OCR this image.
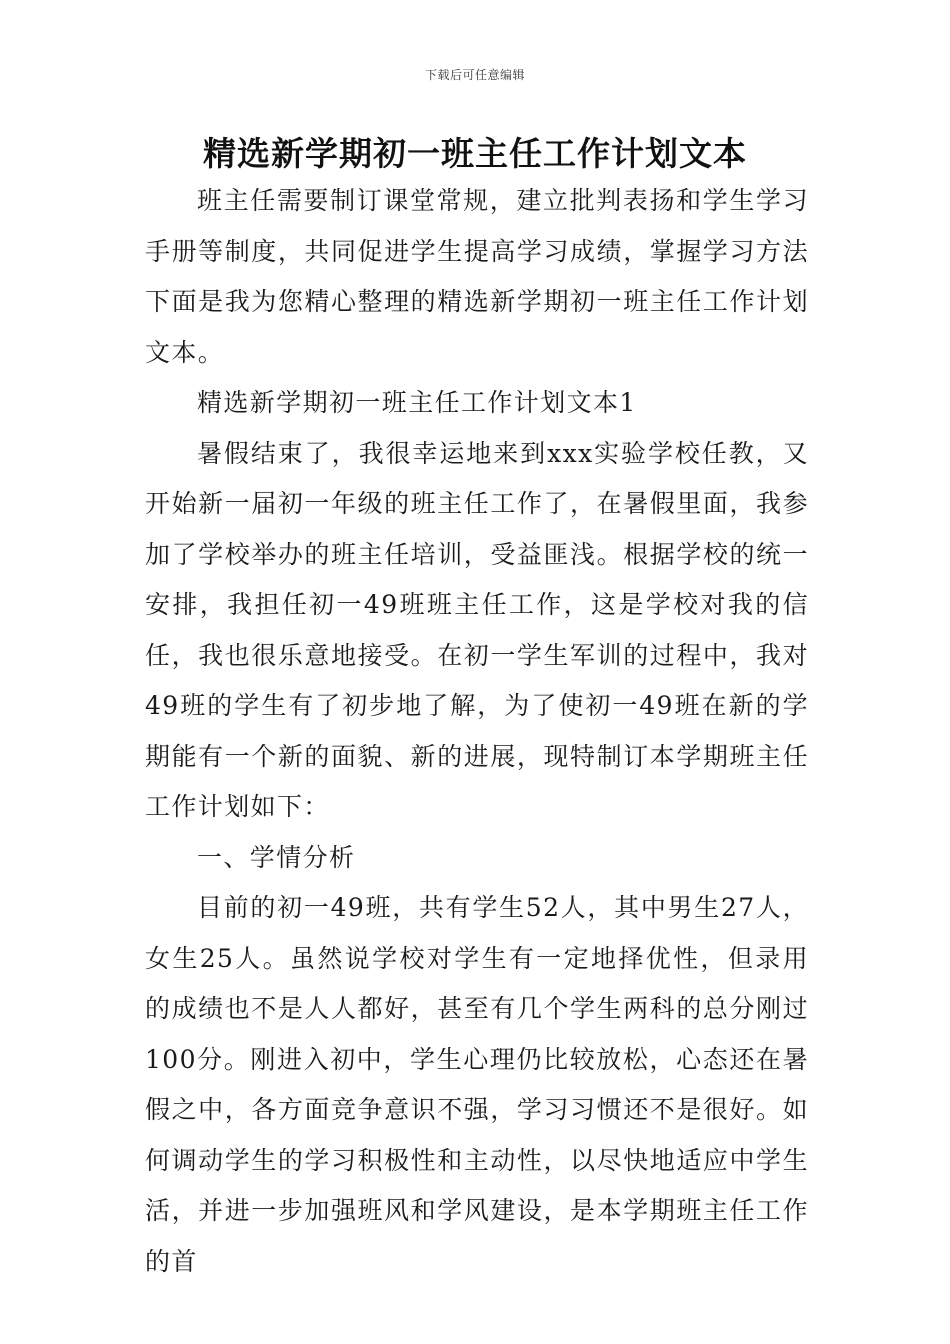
下载后可任意编辑
精选新学期初一班主任工作计划文本

班主任需要制订课堂常规，建立批判表扬和学生学习手册等制度，共同促进学生提高学习成绩，掌握学习方法下面是我为您精心整理的精选新学期初一班主任工作计划文本。

精选新学期初一班主任工作计划文本1

暑假结束了，我很幸运地来到xxx实验学校任教，又开始新一届初一年级的班主任工作了，在暑假里面，我参加了学校举办的班主任培训，受益匪浅。根据学校的统一安排，我担任初一49班班主任工作，这是学校对我的信任，我也很乐意地接受。在初一学生军训的过程中，我对49班的学生有了初步地了解，为了使初一49班在新的学期能有一个新的面貌、新的进展，现特制订本学期班主任工作计划如下：

一、学情分析

目前的初一49班，共有学生52人，其中男生27人，女生25人。虽然说学校对学生有一定地择优性，但录用的成绩也不是人人都好，甚至有几个学生两科的总分刚过100分。刚进入初中，学生心理仍比较放松，心态还在暑假之中，各方面竞争意识不强，学习习惯还不是很好。如何调动学生的学习积极性和主动性，以尽快地适应中学生活，并进一步加强班风和学风建设，是本学期班主任工作的首
